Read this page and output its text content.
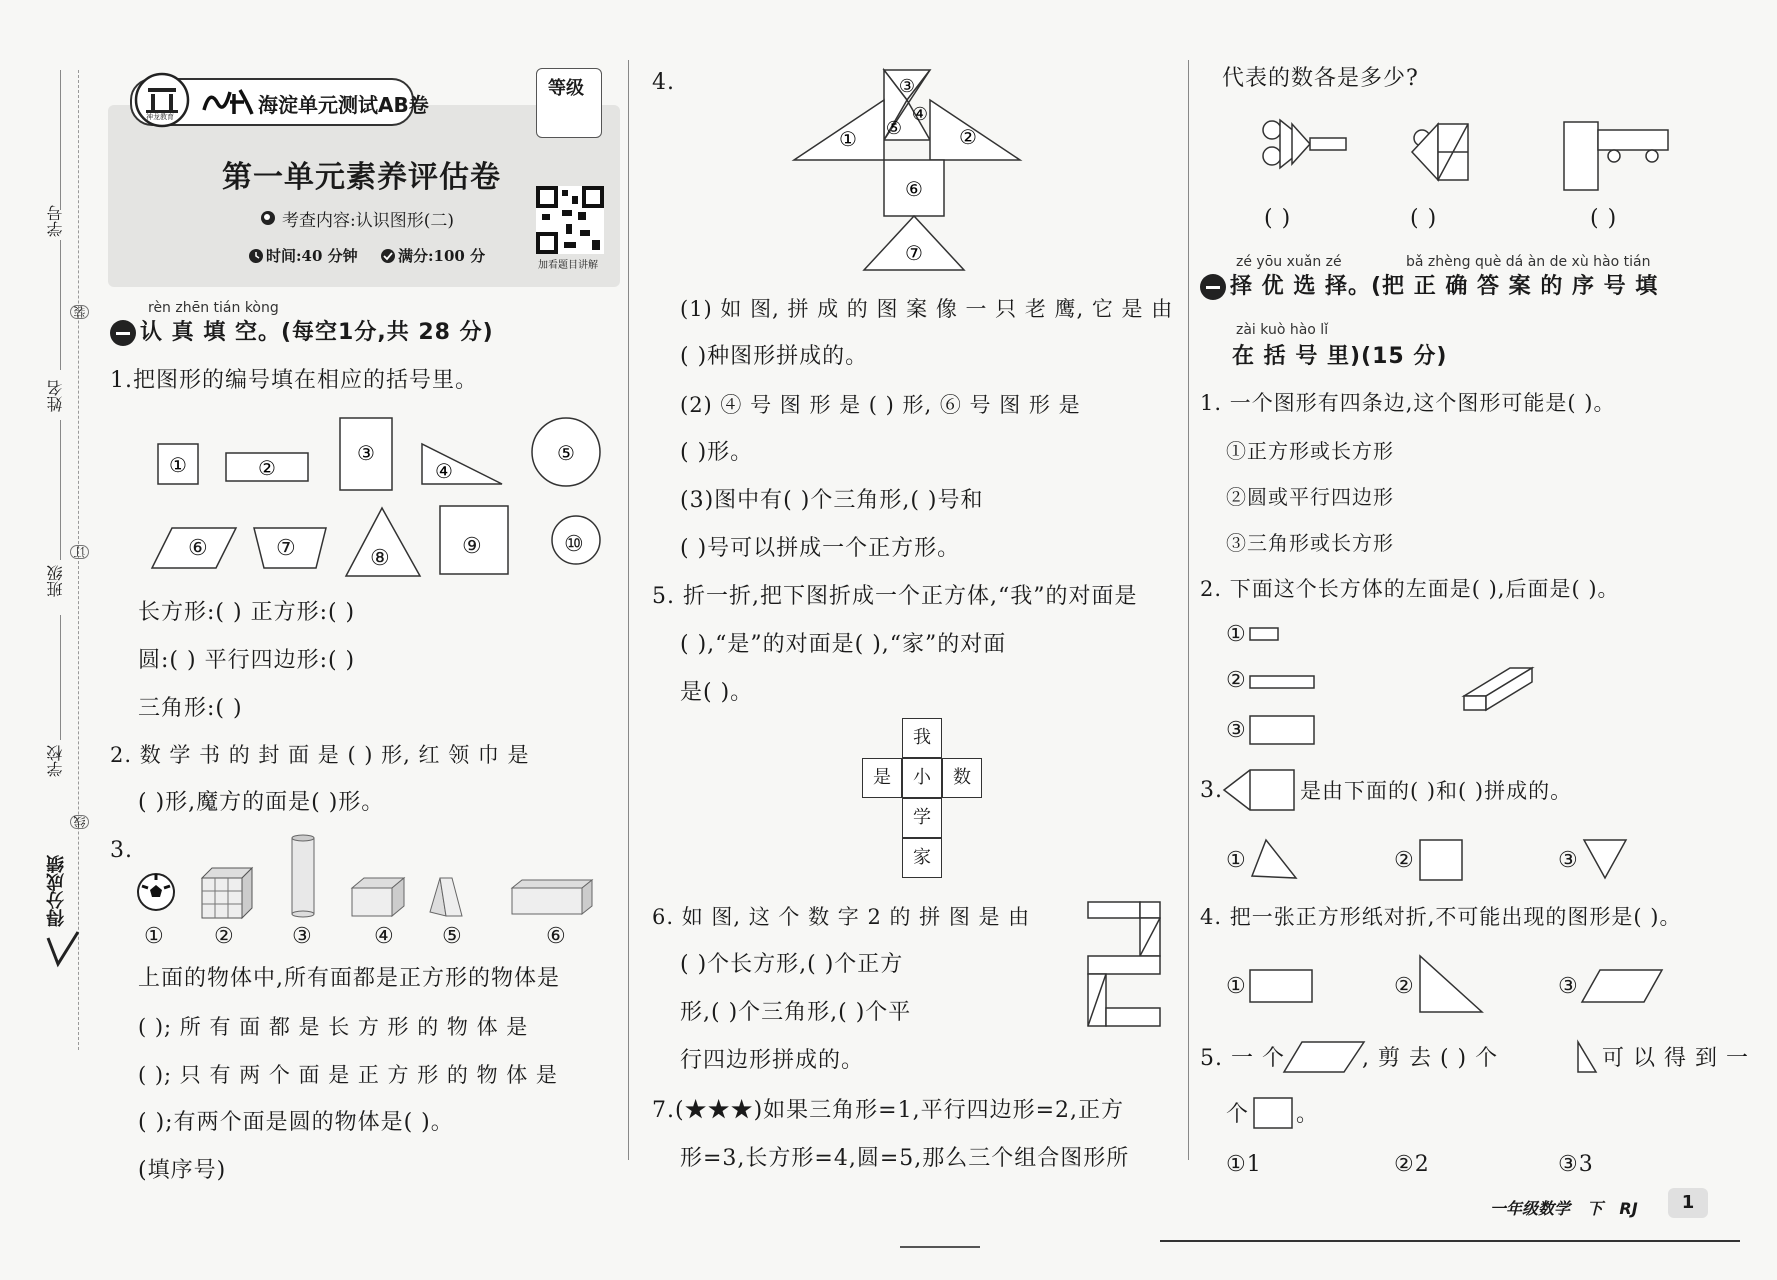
学号
姓名
班级
学校
装
订
线
得分成绩
神龙教育	海淀单元测试AB卷
等级
第一单元素养评估卷
考查内容:认识图形(二)
时间:40 分钟	满分:100 分
加看题目讲解
rèn zhēn tián kòng
认 真 填 空。(每空1分,共 28 分)
1.把图形的编号填在相应的括号里。
①	②
③
④
⑤
⑥	⑦	⑧	⑨	⑩
长方形:( ) 正方形:( )
圆:( ) 平行四边形:( )
三角形:( )
2. 数 学 书 的 封 面 是 ( ) 形, 红 领 巾 是
( )形,魔方的面是( )形。
3.
① ②	③	④ ⑤	⑥
上面的物体中,所有面都是正方形的物体是
( ); 所 有 面 都 是 长 方 形 的 物 体 是
( ); 只 有 两 个 面 是 正 方 形 的 物 体 是
( );有两个面是圆的物体是( )。
(填序号)
4.
①	②
③
④
⑤
⑥
⑦
(1) 如 图, 拼 成 的 图 案 像 一 只 老 鹰, 它 是 由
( )种图形拼成的。
(2) ④ 号 图 形 是 ( ) 形, ⑥ 号 图 形 是
( )形。
(3)图中有( )个三角形,( )号和
( )号可以拼成一个正方形。
5. 折一折,把下图折成一个正方体,“我”的对面是
( ),“是”的对面是( ),“家”的对面
是( )。
我
是	小	数
学
家
6. 如 图, 这 个 数 字 2 的 拼 图 是 由
( )个长方形,( )个正方
形,( )个三角形,( )个平
行四边形拼成的。
7.(★★★)如果三角形=1,平行四边形=2,正方
形=3,长方形=4,圆=5,那么三个组合图形所
代表的数各是多少?
( )	( )	( )
zé yōu xuǎn zé	bǎ zhèng què dá àn de xù hào tián
择 优 选 择。(把 正 确 答 案 的 序 号 填
zài kuò hào lǐ
在 括 号 里)(15 分)
1. 一个图形有四条边,这个图形可能是( )。
①正方形或长方形
②圆或平行四边形
③三角形或长方形
2. 下面这个长方体的左面是( ),后面是( )。
①
②
③
3.	是由下面的( )和( )拼成的。
①	②	③
4. 把一张正方形纸对折,不可能出现的图形是( )。
①	②	③
5. 一 个	, 剪 去 ( ) 个	可 以 得 到 一
个 。
①1	②2	③3
一年级数学   下   RJ	1
